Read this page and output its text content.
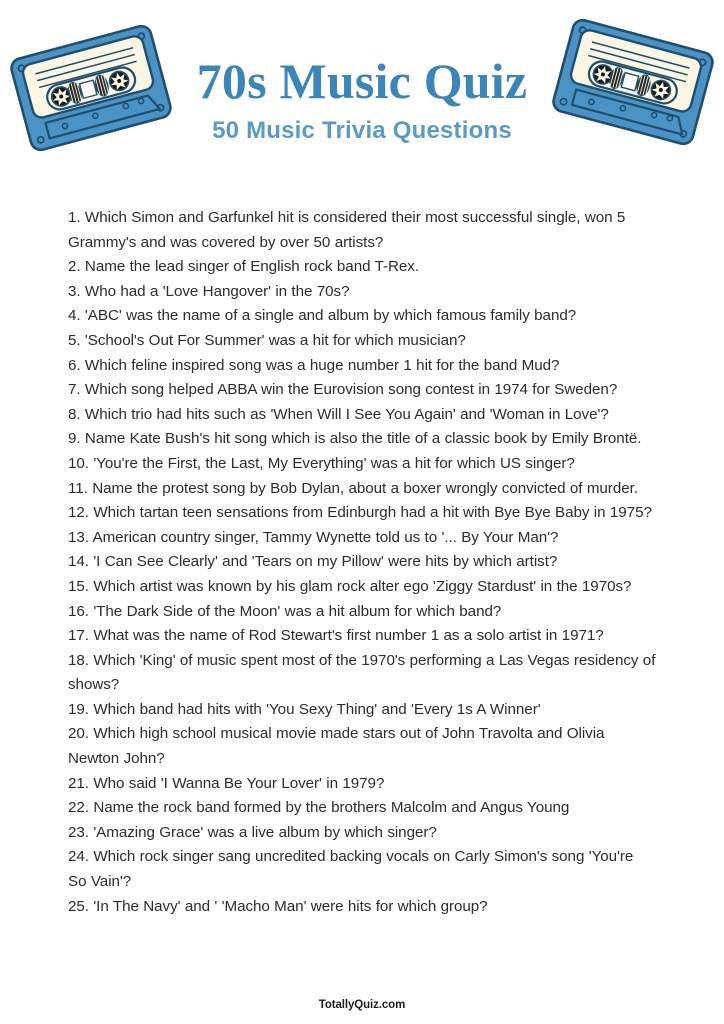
70s Music Quiz
50 Music Trivia Questions

1. Which Simon and Garfunkel hit is considered their most successful single, won 5 Grammy's and was covered by over 50 artists?

2. Name the lead singer of English rock band T-Rex.

3. Who had a 'Love Hangover' in the 70s?

4. 'ABC' was the name of a single and album by which famous family band?

5. 'School's Out For Summer' was a hit for which musician?

6. Which feline inspired song was a huge number 1 hit for the band Mud?

7. Which song helped ABBA win the Eurovision song contest in 1974 for Sweden?

8. Which trio had hits such as 'When Will I See You Again' and 'Woman in Love'?

9. Name Kate Bush's hit song which is also the title of a classic book by Emily Brontë.

10. 'You're the First, the Last, My Everything' was a hit for which US singer?

11. Name the protest song by Bob Dylan, about a boxer wrongly convicted of murder.

12. Which tartan teen sensations from Edinburgh had a hit with Bye Bye Baby in 1975?

13. American country singer, Tammy Wynette told us to '... By Your Man'?

14. 'I Can See Clearly' and 'Tears on my Pillow' were hits by which artist?

15. Which artist was known by his glam rock alter ego 'Ziggy Stardust' in the 1970s?

16. 'The Dark Side of the Moon' was a hit album for which band?

17. What was the name of Rod Stewart's first number 1 as a solo artist in 1971?

18. Which 'King' of music spent most of the 1970's performing a Las Vegas residency of shows?

19. Which band had hits with 'You Sexy Thing' and 'Every 1s A Winner'

20. Which high school musical movie made stars out of John Travolta and Olivia Newton John?

21. Who said 'I Wanna Be Your Lover' in 1979?

22. Name the rock band formed by the brothers Malcolm and Angus Young

23. 'Amazing Grace' was a live album by which singer?

24. Which rock singer sang uncredited backing vocals on Carly Simon's song 'You're So Vain'?

25. 'In The Navy' and ' 'Macho Man' were hits for which group?

TotallyQuiz.com
